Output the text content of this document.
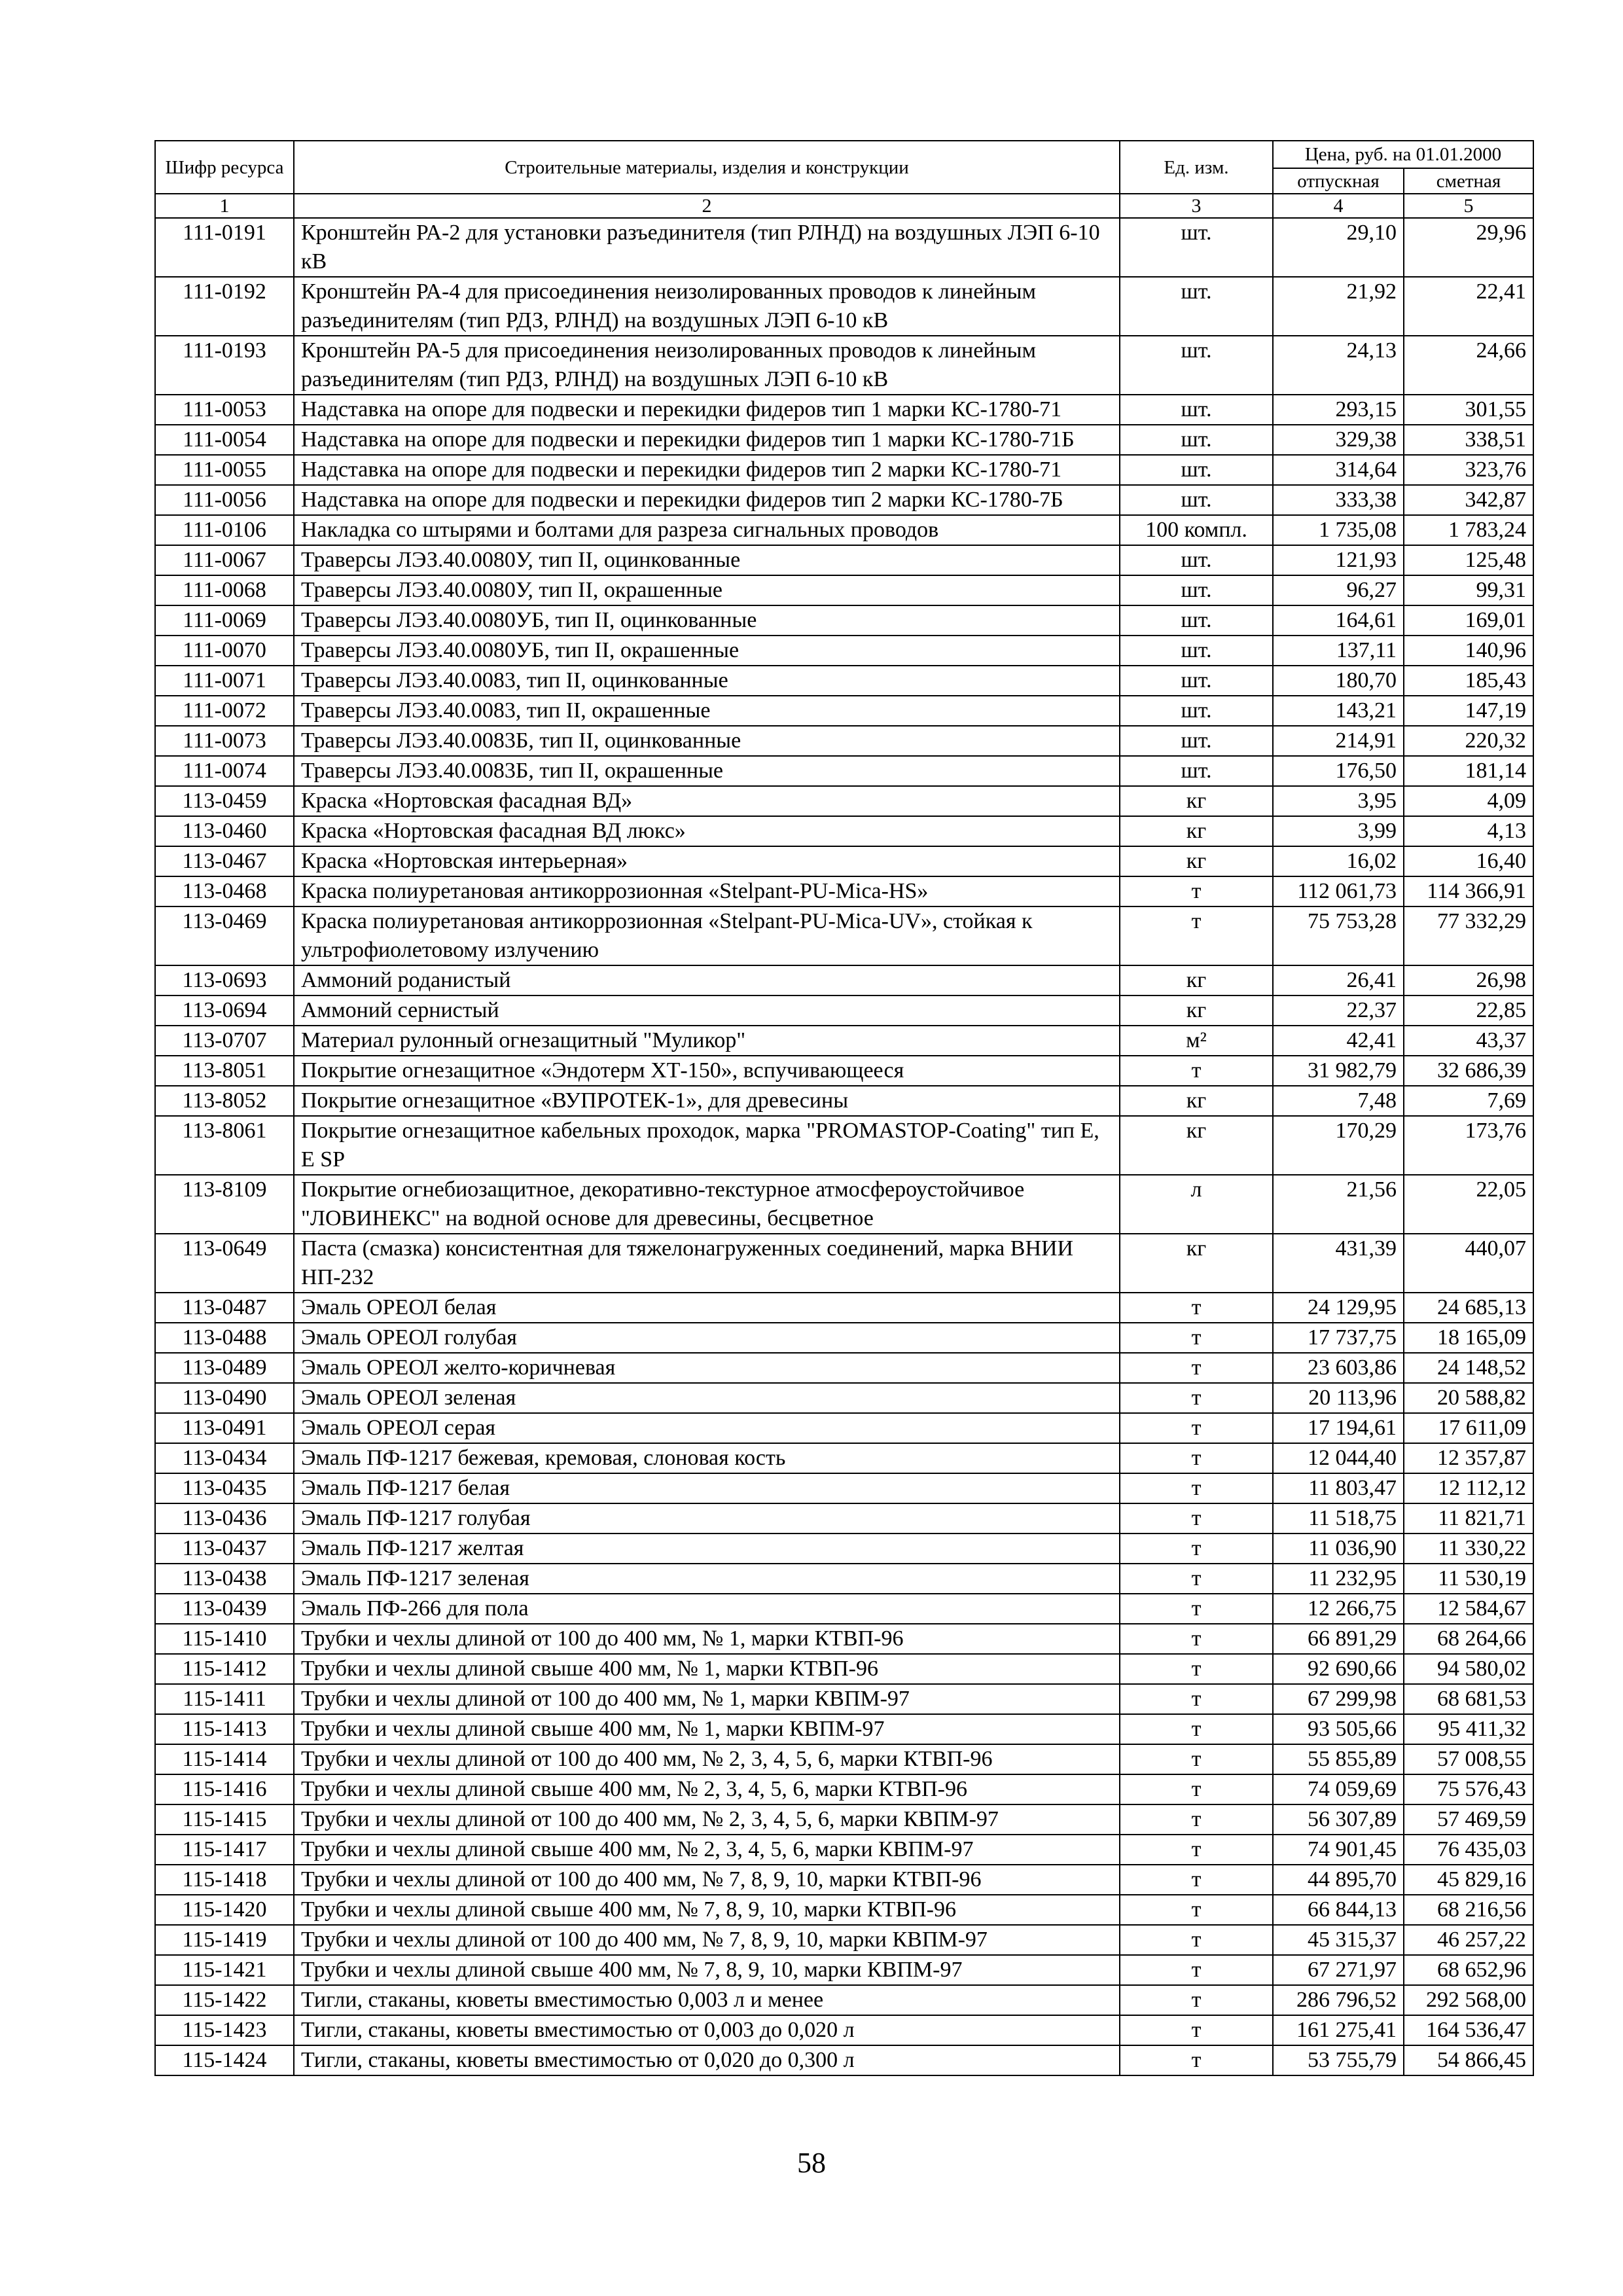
Шифр ресурса	Строительные материалы, изделия и конструкции	Ед. изм.	Цена, руб. на 01.01.2000	
			отпускная	сметная
1	2	3	4	5
111-0191	Кронштейн РА-2 для установки разъединителя (тип РЛНД) на воздушных ЛЭП 6-10 кВ	шт.	29,10	29,96
111-0192	Кронштейн РА-4 для присоединения неизолированных проводов к линейным разъединителям (тип РДЗ, РЛНД) на воздушных ЛЭП 6-10 кВ	шт.	21,92	22,41
111-0193	Кронштейн РА-5 для присоединения неизолированных проводов к линейным разъединителям (тип РДЗ, РЛНД) на воздушных ЛЭП 6-10 кВ	шт.	24,13	24,66
111-0053	Надставка на опоре для подвески и перекидки фидеров тип 1 марки КС-1780-71	шт.	293,15	301,55
111-0054	Надставка на опоре для подвески и перекидки фидеров тип 1 марки КС-1780-71Б	шт.	329,38	338,51
111-0055	Надставка на опоре для подвески и перекидки фидеров тип 2 марки КС-1780-71	шт.	314,64	323,76
111-0056	Надставка на опоре для подвески и перекидки фидеров тип 2 марки КС-1780-7Б	шт.	333,38	342,87
111-0106	Накладка со штырями и болтами для разреза сигнальных проводов	100 компл.	1 735,08	1 783,24
111-0067	Траверсы ЛЭЗ.40.0080У, тип II, оцинкованные	шт.	121,93	125,48
111-0068	Траверсы ЛЭЗ.40.0080У, тип II, окрашенные	шт.	96,27	99,31
111-0069	Траверсы ЛЭЗ.40.0080УБ, тип II, оцинкованные	шт.	164,61	169,01
111-0070	Траверсы ЛЭЗ.40.0080УБ, тип II, окрашенные	шт.	137,11	140,96
111-0071	Траверсы ЛЭЗ.40.0083, тип II, оцинкованные	шт.	180,70	185,43
111-0072	Траверсы ЛЭЗ.40.0083, тип II, окрашенные	шт.	143,21	147,19
111-0073	Траверсы ЛЭЗ.40.0083Б, тип II, оцинкованные	шт.	214,91	220,32
111-0074	Траверсы ЛЭЗ.40.0083Б, тип II, окрашенные	шт.	176,50	181,14
113-0459	Краска «Нортовская фасадная ВД»	кг	3,95	4,09
113-0460	Краска «Нортовская фасадная ВД люкс»	кг	3,99	4,13
113-0467	Краска «Нортовская интерьерная»	кг	16,02	16,40
113-0468	Краска полиуретановая антикоррозионная «Stelpant-PU-Mica-HS»	т	112 061,73	114 366,91
113-0469	Краска полиуретановая антикоррозионная «Stelpant-PU-Mica-UV», стойкая к ультрофиолетовому излучению	т	75 753,28	77 332,29
113-0693	Аммоний роданистый	кг	26,41	26,98
113-0694	Аммоний сернистый	кг	22,37	22,85
113-0707	Материал рулонный огнезащитный "Муликор"	м²	42,41	43,37
113-8051	Покрытие огнезащитное «Эндотерм ХТ-150», вспучивающееся	т	31 982,79	32 686,39
113-8052	Покрытие огнезащитное «ВУПРОТЕК-1», для древесины	кг	7,48	7,69
113-8061	Покрытие огнезащитное кабельных проходок, марка "PROMASTOP-Coating" тип E, E SP	кг	170,29	173,76
113-8109	Покрытие огнебиозащитное, декоративно-текстурное атмосфероустойчивое "ЛОВИНЕКС" на водной основе для древесины, бесцветное	л	21,56	22,05
113-0649	Паста (смазка) консистентная для тяжелонагруженных соединений, марка ВНИИ НП-232	кг	431,39	440,07
113-0487	Эмаль ОРЕОЛ белая	т	24 129,95	24 685,13
113-0488	Эмаль ОРЕОЛ голубая	т	17 737,75	18 165,09
113-0489	Эмаль ОРЕОЛ желто-коричневая	т	23 603,86	24 148,52
113-0490	Эмаль ОРЕОЛ зеленая	т	20 113,96	20 588,82
113-0491	Эмаль ОРЕОЛ серая	т	17 194,61	17 611,09
113-0434	Эмаль ПФ-1217 бежевая, кремовая, слоновая кость	т	12 044,40	12 357,87
113-0435	Эмаль ПФ-1217 белая	т	11 803,47	12 112,12
113-0436	Эмаль ПФ-1217 голубая	т	11 518,75	11 821,71
113-0437	Эмаль ПФ-1217 желтая	т	11 036,90	11 330,22
113-0438	Эмаль ПФ-1217 зеленая	т	11 232,95	11 530,19
113-0439	Эмаль ПФ-266 для пола	т	12 266,75	12 584,67
115-1410	Трубки и чехлы длиной от 100 до 400 мм, № 1, марки КТВП-96	т	66 891,29	68 264,66
115-1412	Трубки и чехлы длиной свыше 400 мм, № 1, марки КТВП-96	т	92 690,66	94 580,02
115-1411	Трубки и чехлы длиной от 100 до 400 мм, № 1, марки КВПМ-97	т	67 299,98	68 681,53
115-1413	Трубки и чехлы длиной свыше 400 мм, № 1, марки КВПМ-97	т	93 505,66	95 411,32
115-1414	Трубки и чехлы длиной от 100 до 400 мм, № 2, 3, 4, 5, 6, марки КТВП-96	т	55 855,89	57 008,55
115-1416	Трубки и чехлы длиной свыше 400 мм, № 2, 3, 4, 5, 6, марки КТВП-96	т	74 059,69	75 576,43
115-1415	Трубки и чехлы длиной от 100 до 400 мм, № 2, 3, 4, 5, 6, марки КВПМ-97	т	56 307,89	57 469,59
115-1417	Трубки и чехлы длиной свыше 400 мм, № 2, 3, 4, 5, 6, марки КВПМ-97	т	74 901,45	76 435,03
115-1418	Трубки и чехлы длиной от 100 до 400 мм, № 7, 8, 9, 10, марки КТВП-96	т	44 895,70	45 829,16
115-1420	Трубки и чехлы длиной свыше 400 мм, № 7, 8, 9, 10, марки КТВП-96	т	66 844,13	68 216,56
115-1419	Трубки и чехлы длиной от 100 до 400 мм, № 7, 8, 9, 10, марки КВПМ-97	т	45 315,37	46 257,22
115-1421	Трубки и чехлы длиной свыше 400 мм, № 7, 8, 9, 10, марки КВПМ-97	т	67 271,97	68 652,96
115-1422	Тигли, стаканы, кюветы вместимостью 0,003 л и менее	т	286 796,52	292 568,00
115-1423	Тигли, стаканы, кюветы вместимостью от 0,003 до 0,020 л	т	161 275,41	164 536,47
115-1424	Тигли, стаканы, кюветы вместимостью от 0,020 до 0,300 л	т	53 755,79	54 866,45
58
